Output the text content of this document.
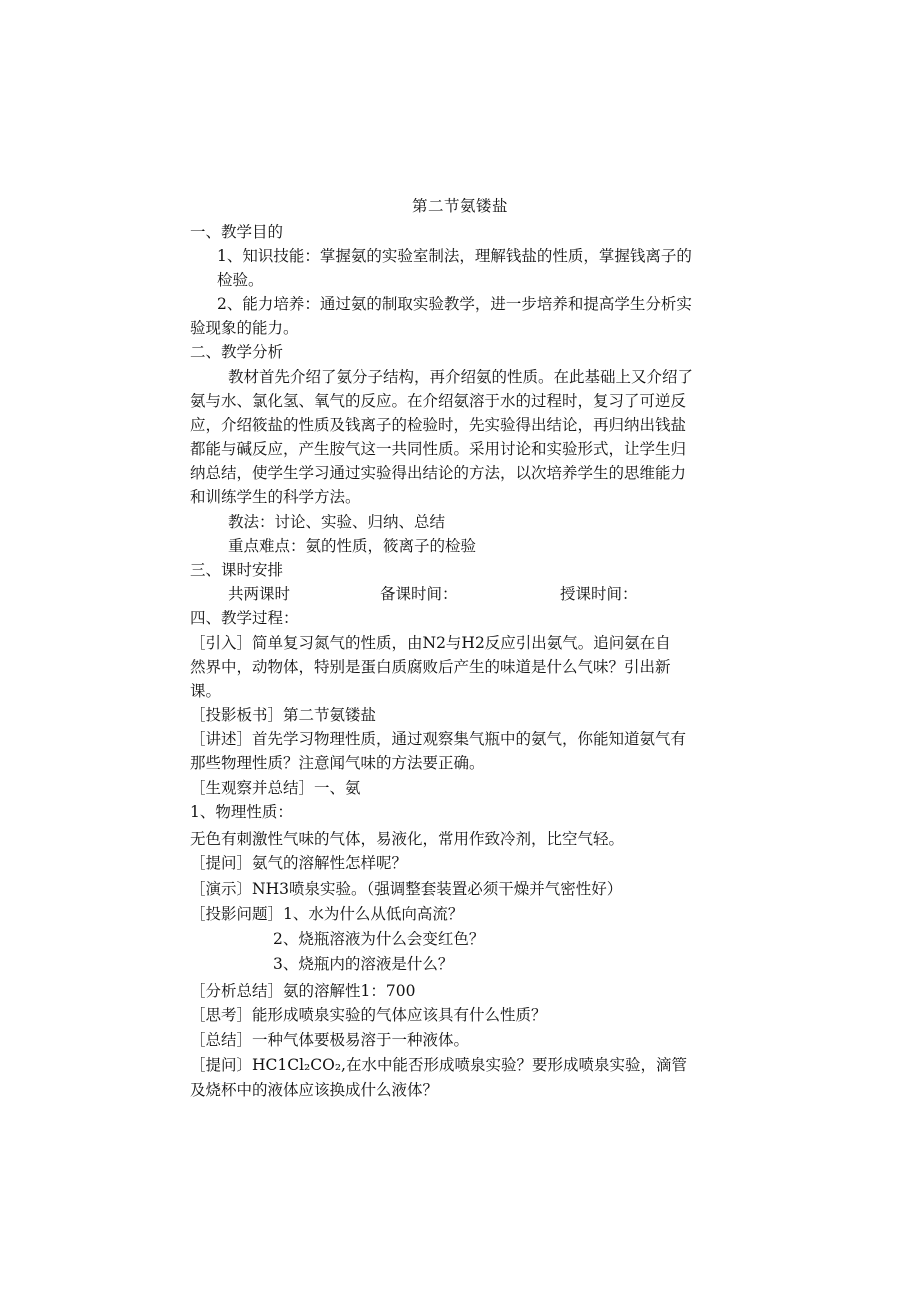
第二节氨镂盐
一、教学目的
1、知识技能：掌握氨的实验室制法，理解钱盐的性质，掌握钱离子的
检验。
2、能力培养：通过氨的制取实验教学，进一步培养和提高学生分析实
验现象的能力。
二、教学分析
教材首先介绍了氨分子结构，再介绍氨的性质。在此基础上又介绍了
氨与水、氯化氢、氧气的反应。在介绍氨溶于水的过程时，复习了可逆反
应，介绍筱盐的性质及钱离子的检验时，先实验得出结论，再归纳出钱盐
都能与碱反应，产生胺气这一共同性质。采用讨论和实验形式，让学生归
纳总结，使学生学习通过实验得出结论的方法，以次培养学生的思维能力
和训练学生的科学方法。
教法：讨论、实验、归纳、总结
重点难点：氨的性质，筱离子的检验
三、课时安排
共两课时	备课时间：	授课时间：
四、教学过程：
［引入］简单复习氮气的性质，由N2与H2反应引出氨气。追问氨在自
然界中，动物体，特别是蛋白质腐败后产生的味道是什么气味？引出新
课。
［投影板书］第二节氨镂盐
［讲述］首先学习物理性质，通过观察集气瓶中的氨气，你能知道氨气有
那些物理性质？注意闻气味的方法要正确。
［生观察并总结］一、氨
1、物理性质：
无色有刺激性气味的气体，易液化，常用作致冷剂，比空气轻。
［提问］氨气的溶解性怎样呢？
［演示〕NH3喷泉实验。（强调整套装置必须干燥并气密性好）
［投影问题］1、水为什么从低向高流？
2、烧瓶溶液为什么会变红色？
3、烧瓶内的溶液是什么？
［分析总结］氨的溶解性1：700
［思考］能形成喷泉实验的气体应该具有什么性质？
［总结］一种气体要极易溶于一种液体。
［提问〕HC1Cl₂CO₂,在水中能否形成喷泉实验？要形成喷泉实验，滴管
及烧杯中的液体应该换成什么液体？
